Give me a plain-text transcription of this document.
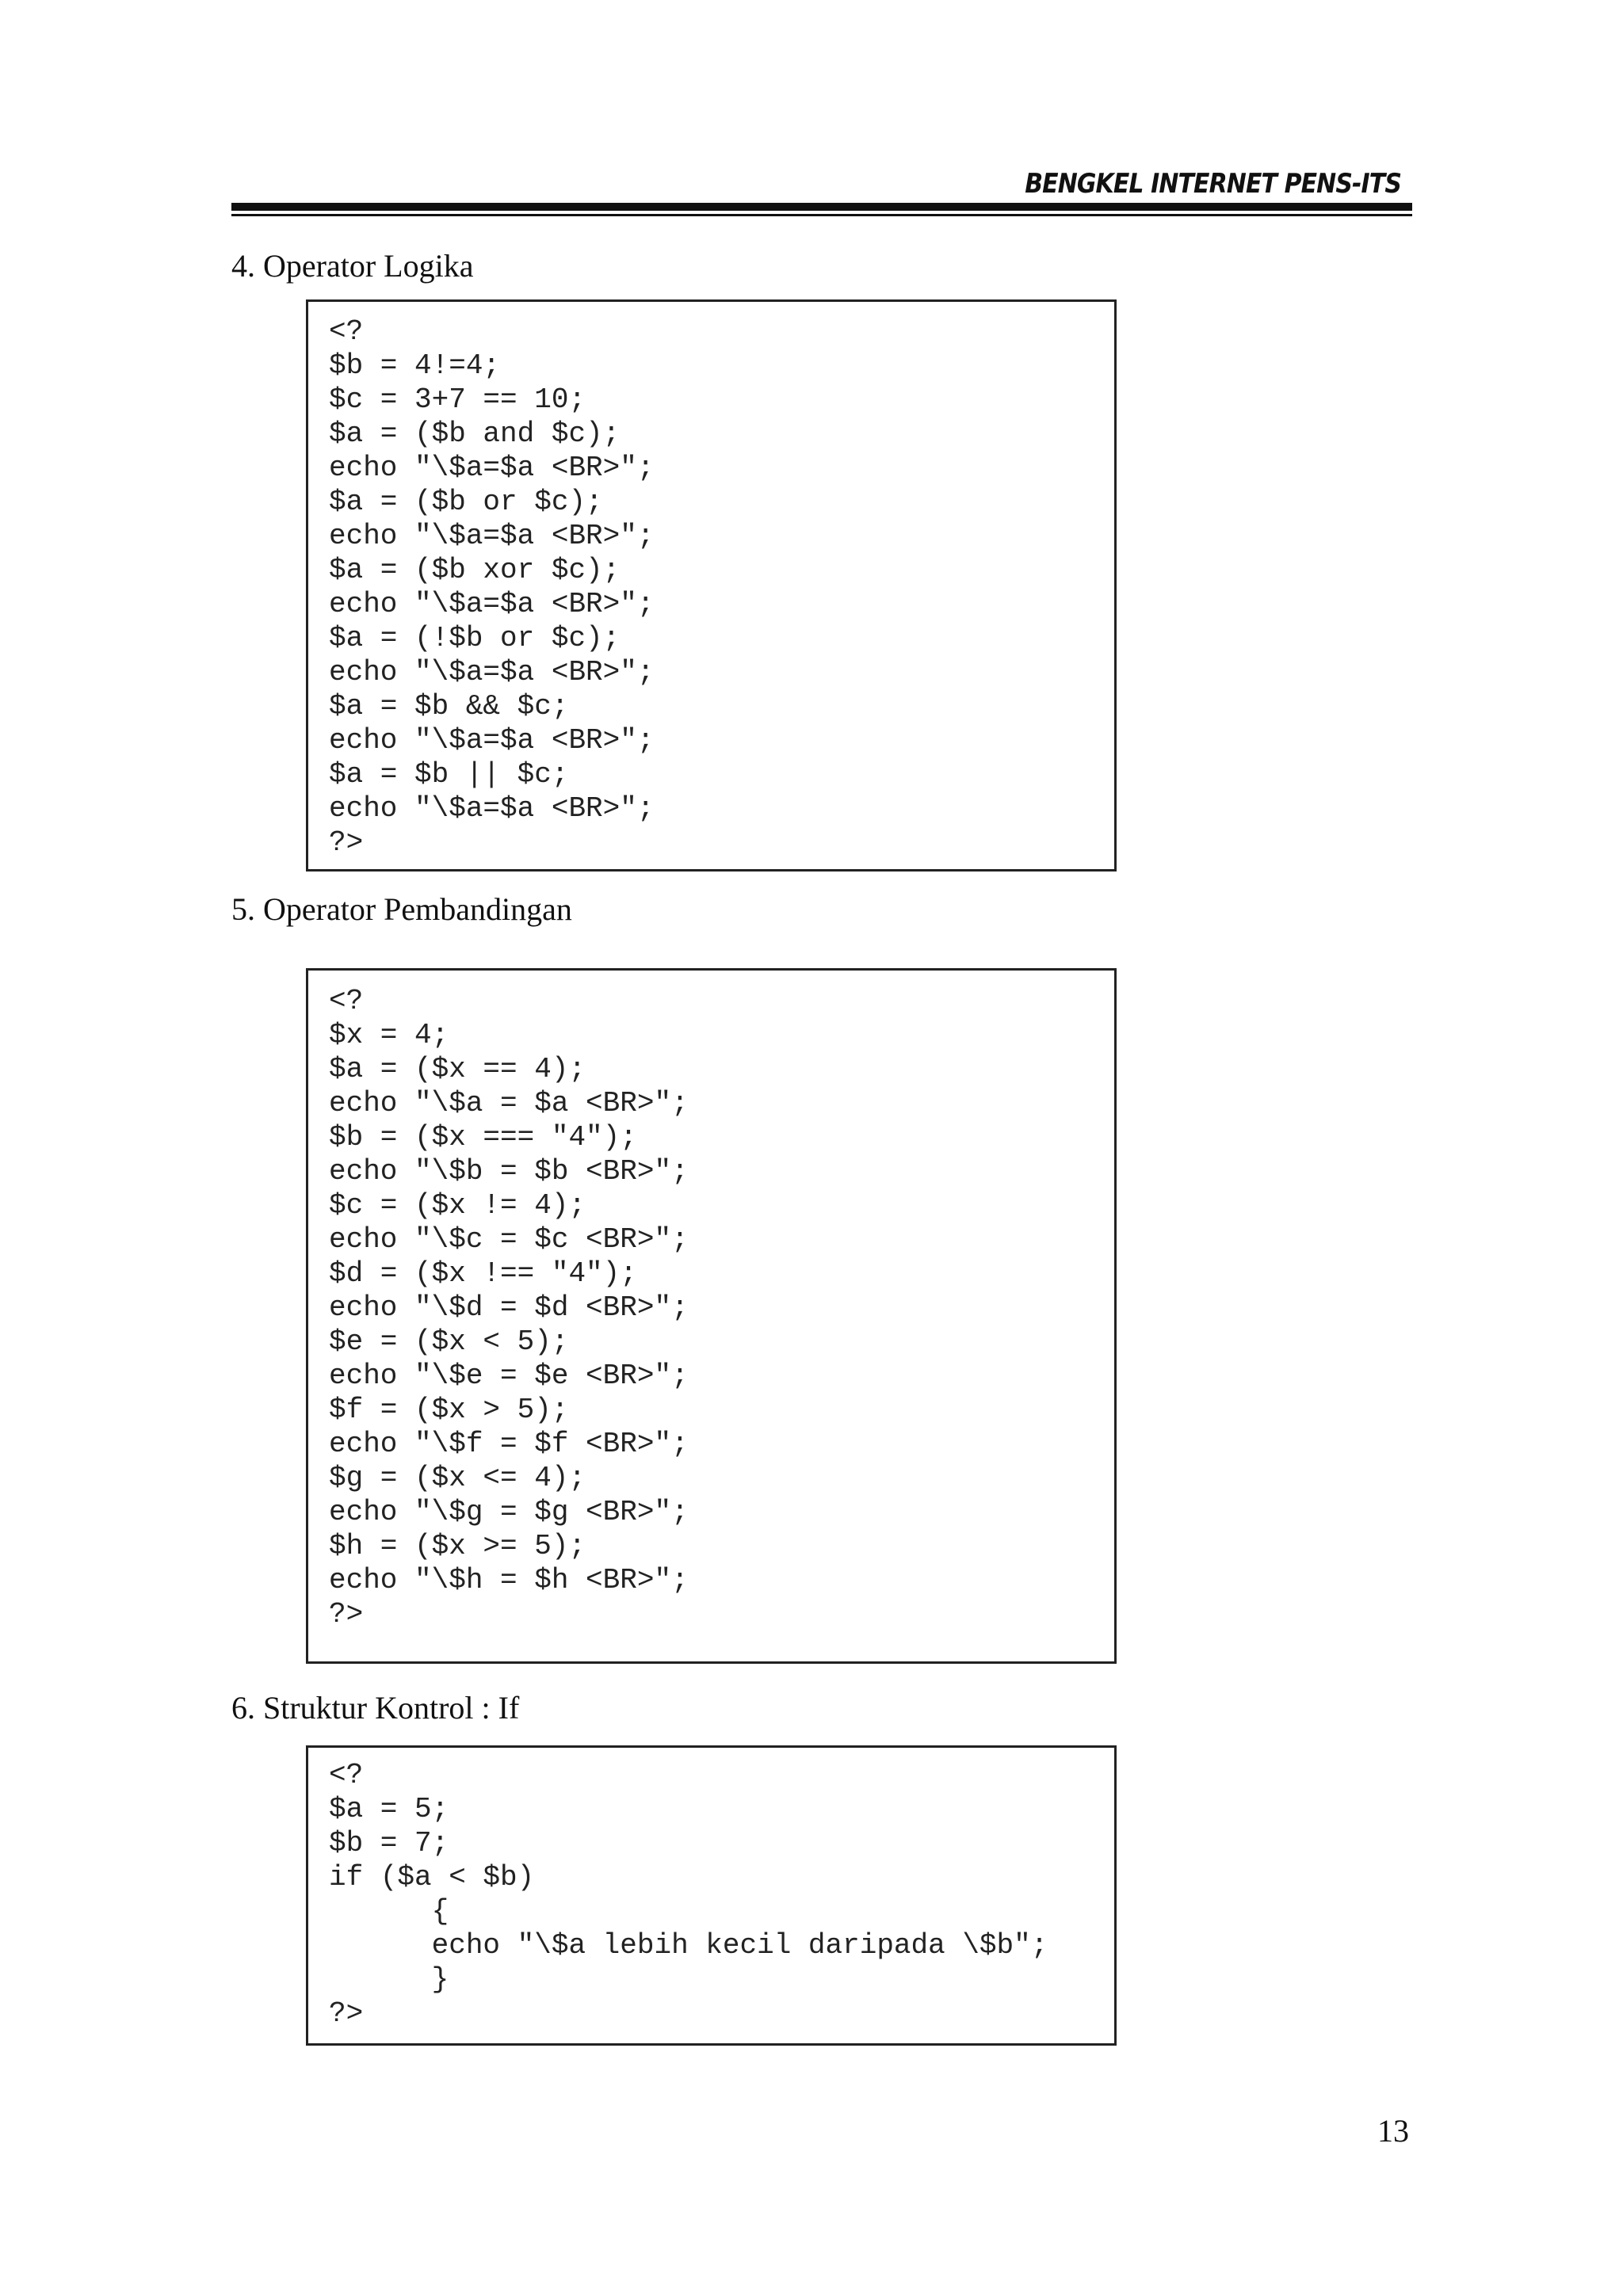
BENGKEL INTERNET PENS-ITS
4. Operator Logika
<?
$b = 4!=4;
$c = 3+7 == 10;
$a = ($b and $c);
echo "\$a=$a <BR>";
$a = ($b or $c);
echo "\$a=$a <BR>";
$a = ($b xor $c);
echo "\$a=$a <BR>";
$a = (!$b or $c);
echo "\$a=$a <BR>";
$a = $b && $c;
echo "\$a=$a <BR>";
$a = $b || $c;
echo "\$a=$a <BR>";
?>
5. Operator Pembandingan
<?
$x = 4;
$a = ($x == 4);
echo "\$a = $a <BR>";
$b = ($x === "4");
echo "\$b = $b <BR>";
$c = ($x != 4);
echo "\$c = $c <BR>";
$d = ($x !== "4");
echo "\$d = $d <BR>";
$e = ($x < 5);
echo "\$e = $e <BR>";
$f = ($x > 5);
echo "\$f = $f <BR>";
$g = ($x <= 4);
echo "\$g = $g <BR>";
$h = ($x >= 5);
echo "\$h = $h <BR>";
?>
6. Struktur Kontrol : If
<?
$a = 5;
$b = 7;
if ($a < $b)
{
echo "\$a lebih kecil daripada \$b";
}
?>
13
